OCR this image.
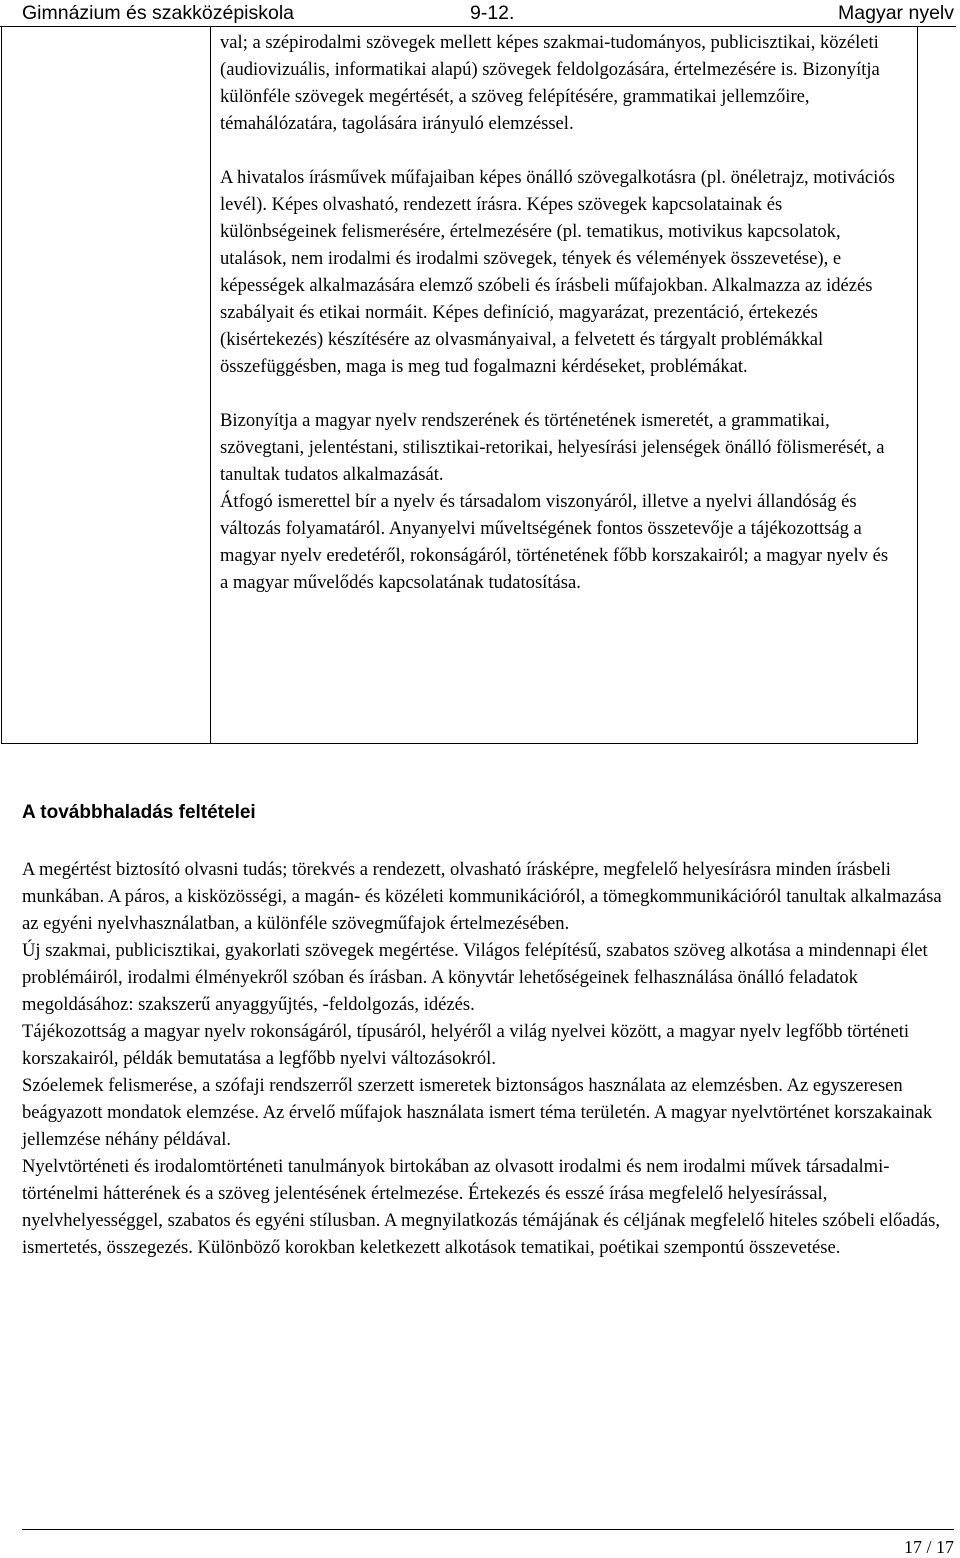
Gimnázium és szakközépiskola	9-12.	Magyar nyelv

val; a szépirodalmi szövegek mellett képes szakmai-tudományos, publicisztikai, közéleti (audiovizuális, informatikai alapú) szövegek feldolgozására, értelmezésére is. Bizonyítja különféle szövegek megértését, a szöveg felépítésére, grammatikai jellemzőire, témahálózatára, tagolására irányuló elemzéssel.

A hivatalos írásművek műfajaiban képes önálló szövegalkotásra (pl. önéletrajz, motivációs levél). Képes olvasható, rendezett írásra. Képes szövegek kapcsolatainak és különbségeinek felismerésére, értelmezésére (pl. tematikus, motivikus kapcsolatok, utalások, nem irodalmi és irodalmi szövegek, tények és vélemények összevetése), e képességek alkalmazására elemző szóbeli és írásbeli műfajokban. Alkalmazza az idézés szabályait és etikai normáit. Képes definíció, magyarázat, prezentáció, értekezés (kisértekezés) készítésére az olvasmányaival, a felvetett és tárgyalt problémákkal összefüggésben, maga is meg tud fogalmazni kérdéseket, problémákat.

Bizonyítja a magyar nyelv rendszerének és történetének ismeretét, a grammatikai, szövegtani, jelentéstani, stilisztikai-retorikai, helyesírási jelenségek önálló fölismerését, a tanultak tudatos alkalmazását.

Átfogó ismerettel bír a nyelv és társadalom viszonyáról, illetve a nyelvi állandóság és változás folyamatáról. Anyanyelvi műveltségének fontos összetevője a tájékozottság a magyar nyelv eredetéről, rokonságáról, történetének főbb korszakairól; a magyar nyelv és a magyar művelődés kapcsolatának tudatosítása.

A továbbhaladás feltételei

A megértést biztosító olvasni tudás; törekvés a rendezett, olvasható írásképre, megfelelő helyesírásra minden írásbeli munkában. A páros, a kisközösségi, a magán- és közéleti kommunikációról, a tömegkommunikációról tanultak alkalmazása az egyéni nyelvhasználatban, a különféle szövegműfajok értelmezésében.

Új szakmai, publicisztikai, gyakorlati szövegek megértése. Világos felépítésű, szabatos szöveg alkotása a mindennapi élet problémáiról, irodalmi élményekről szóban és írásban. A könyvtár lehetőségeinek felhasználása önálló feladatok megoldásához: szakszerű anyaggyűjtés, -feldolgozás, idézés.

Tájékozottság a magyar nyelv rokonságáról, típusáról, helyéről a világ nyelvei között, a magyar nyelv legfőbb történeti korszakairól, példák bemutatása a legfőbb nyelvi változásokról.

Szóelemek felismerése, a szófaji rendszerről szerzett ismeretek biztonságos használata az elemzésben. Az egyszeresen beágyazott mondatok elemzése. Az érvelő műfajok használata ismert téma területén. A magyar nyelvtörténet korszakainak jellemzése néhány példával.

Nyelvtörténeti és irodalomtörténeti tanulmányok birtokában az olvasott irodalmi és nem irodalmi művek társadalmi-történelmi hátterének és a szöveg jelentésének értelmezése. Értekezés és esszé írása megfelelő helyesírással, nyelvhelyességgel, szabatos és egyéni stílusban. A megnyilatkozás témájának és céljának megfelelő hiteles szóbeli előadás, ismertetés, összegezés. Különböző korokban keletkezett alkotások tematikai, poétikai szempontú összevetése.

17 / 17
